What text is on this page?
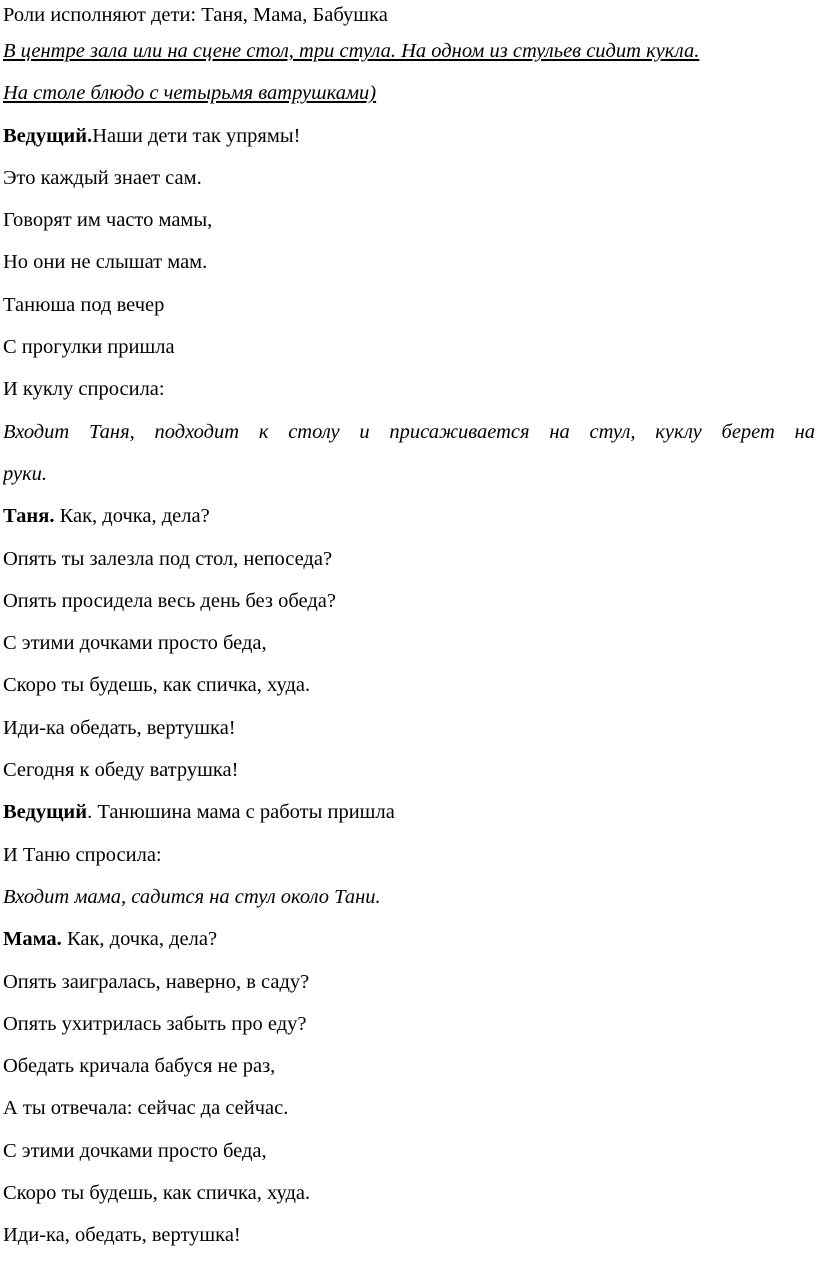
Роли исполняют дети: Таня, Мама, Бабушка
В центре зала или на сцене стол, три стула. На одном из стульев сидит кукла.
На столе блюдо с четырьмя ватрушками)
Ведущий.Наши дети так упрямы!
Это каждый знает сам.
Говорят им часто мамы,
Но они не слышат мам.
Танюша под вечер
С прогулки пришла
И куклу спросила:
Входит Таня, подходит к столу и присаживается на стул, куклу берет на
руки.
Таня. Как, дочка, дела?
Опять ты залезла под стол, непоседа?
Опять просидела весь день без обеда?
С этими дочками просто беда,
Скоро ты будешь, как спичка, худа.
Иди-ка обедать, вертушка!
Сегодня к обеду ватрушка!
Ведущий. Танюшина мама с работы пришла
И Таню спросила:
Входит мама, садится на стул около Тани.
Мама. Как, дочка, дела?
Опять заигралась, наверно, в саду?
Опять ухитрилась забыть про еду?
Обедать кричала бабуся не раз,
А ты отвечала: сейчас да сейчас.
С этими дочками просто беда,
Скоро ты будешь, как спичка, худа.
Иди-ка, обедать, вертушка!
